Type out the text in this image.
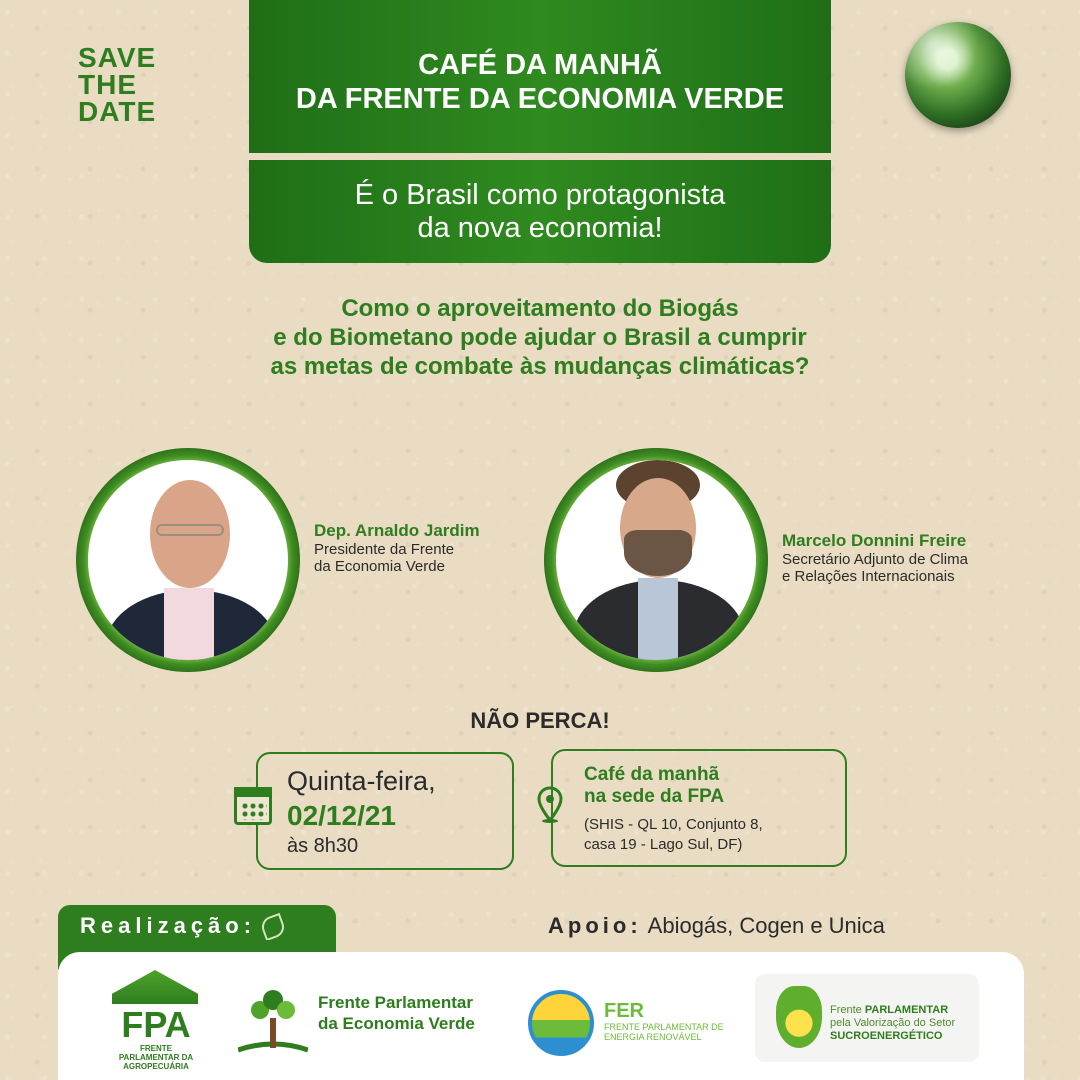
SAVE
THE
DATE
CAFÉ DA MANHÃ
DA FRENTE DA ECONOMIA VERDE
É o Brasil como protagonista
da nova economia!
Como o aproveitamento do Biogás
e do Biometano pode ajudar o Brasil a cumprir
as metas de combate às mudanças climáticas?
Dep. Arnaldo Jardim
Presidente da Frente
da Economia Verde
Marcelo Donnini Freire
Secretário Adjunto de Clima
e Relações Internacionais
NÃO PERCA!
Quinta-feira,
02/12/21
às 8h30
Café da manhã
na sede da FPA
(SHIS - QL 10, Conjunto 8,
casa 19 - Lago Sul, DF)
Realização:	Apoio: Abiogás, Cogen e Unica
FPA
FRENTE PARLAMENTAR DA
AGROPECUÁRIA
Frente Parlamentar
da Economia Verde
FER
FRENTE PARLAMENTAR DE
ENERGIA RENOVÁVEL
Frente PARLAMENTAR
pela Valorização do Setor
SUCROENERGÉTICO
